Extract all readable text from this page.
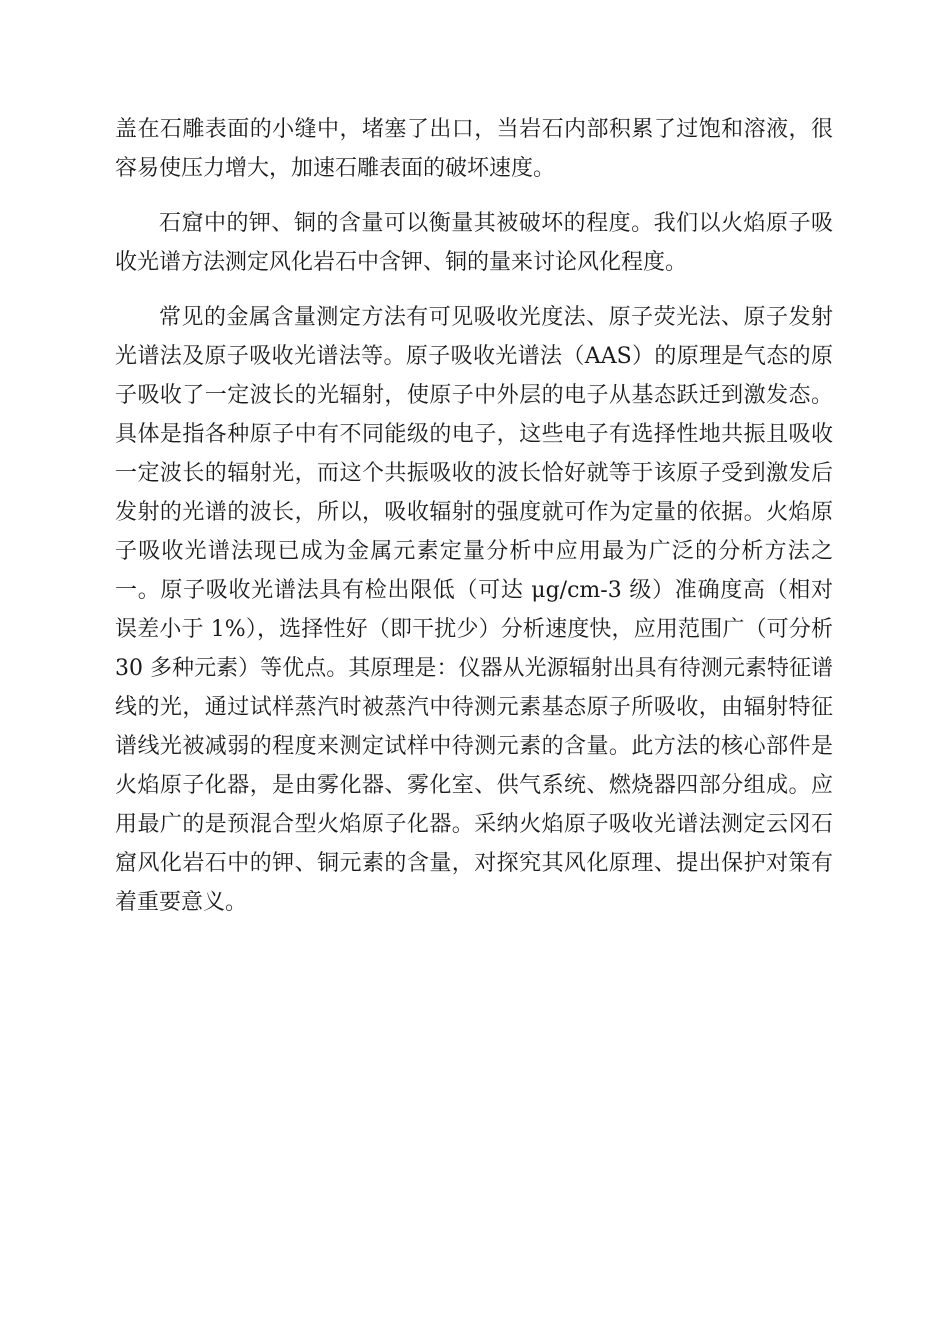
盖在石雕表面的小缝中，堵塞了出口，当岩石内部积累了过饱和溶液，很容易使压力增大，加速石雕表面的破坏速度。

石窟中的钾、铜的含量可以衡量其被破坏的程度。我们以火焰原子吸收光谱方法测定风化岩石中含钾、铜的量来讨论风化程度。

常见的金属含量测定方法有可见吸收光度法、原子荧光法、原子发射光谱法及原子吸收光谱法等。原子吸收光谱法（AAS）的原理是气态的原子吸收了一定波长的光辐射，使原子中外层的电子从基态跃迁到激发态。具体是指各种原子中有不同能级的电子，这些电子有选择性地共振且吸收一定波长的辐射光，而这个共振吸收的波长恰好就等于该原子受到激发后发射的光谱的波长，所以，吸收辐射的强度就可作为定量的依据。火焰原子吸收光谱法现已成为金属元素定量分析中应用最为广泛的分析方法之一。原子吸收光谱法具有检出限低（可达 μg/cm-3 级）准确度高（相对误差小于 1%），选择性好（即干扰少）分析速度快，应用范围广（可分析 30 多种元素）等优点。其原理是：仪器从光源辐射出具有待测元素特征谱线的光，通过试样蒸汽时被蒸汽中待测元素基态原子所吸收，由辐射特征谱线光被减弱的程度来测定试样中待测元素的含量。此方法的核心部件是火焰原子化器，是由雾化器、雾化室、供气系统、燃烧器四部分组成。应用最广的是预混合型火焰原子化器。采纳火焰原子吸收光谱法测定云冈石窟风化岩石中的钾、铜元素的含量，对探究其风化原理、提出保护对策有着重要意义。
